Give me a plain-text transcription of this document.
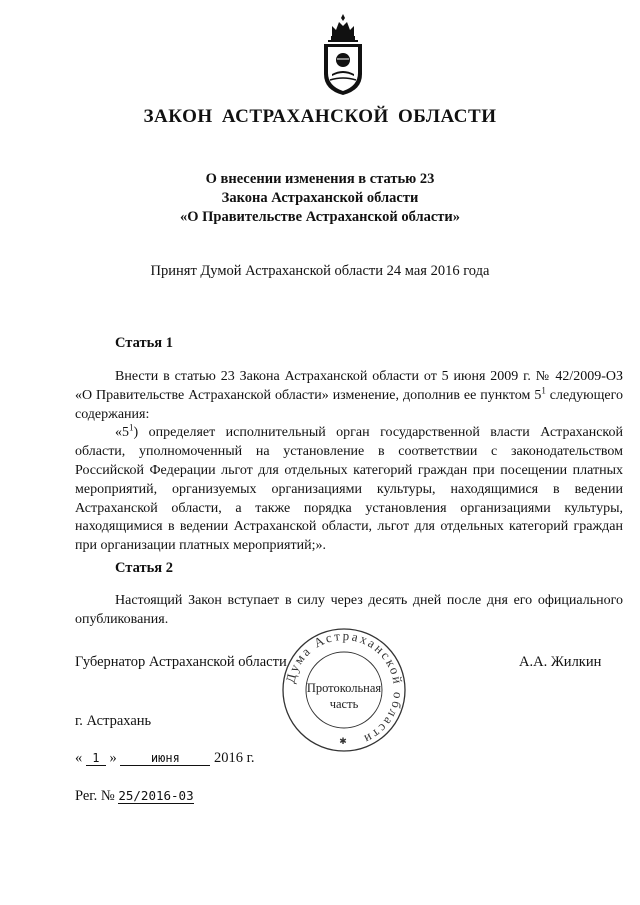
ЗАКОН АСТРАХАНСКОЙ ОБЛАСТИ
О внесении изменения в статью 23
Закона Астраханской области
«О Правительстве Астраханской области»
Принят Думой Астраханской области 24 мая 2016 года
Статья 1

Внести в статью 23 Закона Астраханской области от 5 июня 2009 г. № 42/2009-ОЗ «О Правительстве Астраханской области» изменение, дополнив ее пунктом $5^1$ следующего содержания:

«$5^1$) определяет исполнительный орган государственной власти Астраханской области, уполномоченный на установление в соответствии с законодательством Российской Федерации льгот для отдельных категорий граждан при посещении платных мероприятий, организуемых организациями культуры, находящимися в ведении Астраханской области, а также порядка установления организациями культуры, находящимися в ведении Астраханской области, льгот для отдельных категорий граждан при организации платных мероприятий;».

Статья 2

Настоящий Закон вступает в силу через десять дней после дня его официального опубликования.

Губернатор Астраханской области	А.А. Жилкин
Дума Астраханской области
✱
Протокольная
часть
г. Астрахань
« 1 »	июня 2016 г.
Рег. № 25/2016-03
